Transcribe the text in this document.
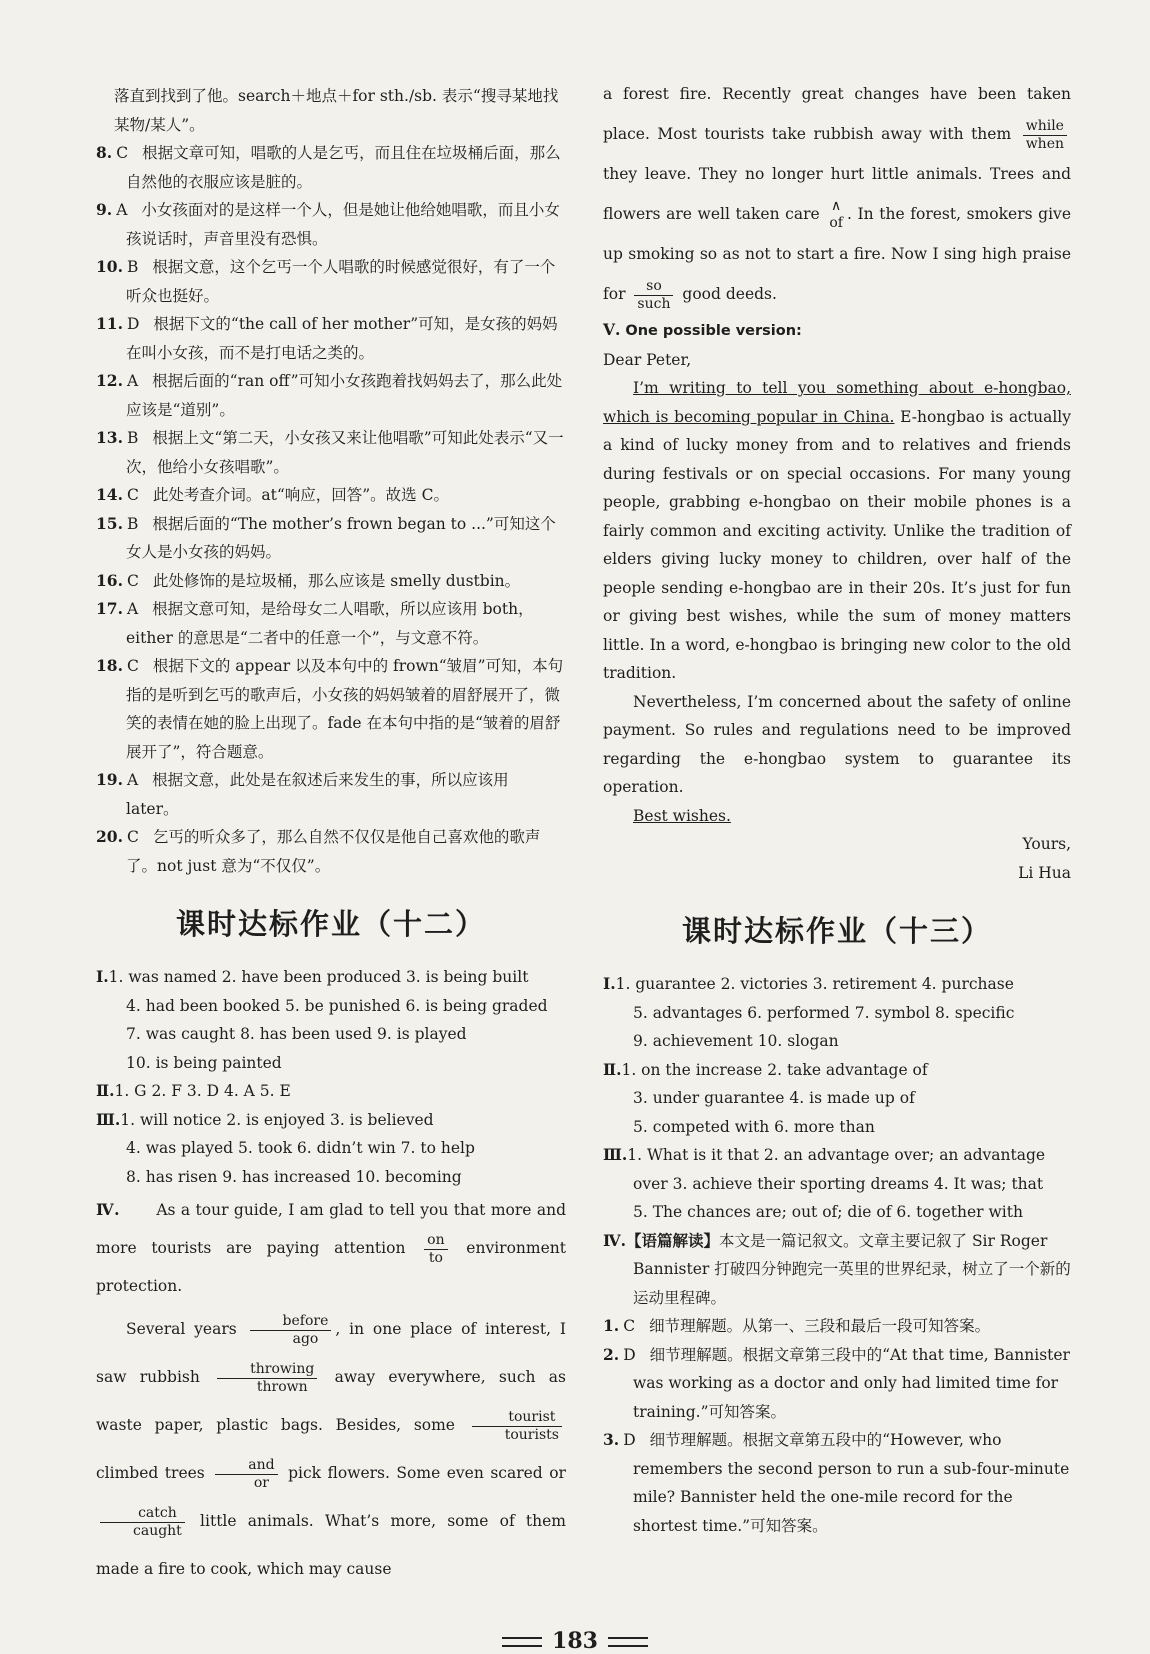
落直到找到了他。search＋地点＋for sth./sb. 表示“搜寻某地找某物/某人”。

8. C 根据文章可知，唱歌的人是乞丐，而且住在垃圾桶后面，那么自然他的衣服应该是脏的。

9. A 小女孩面对的是这样一个人，但是她让他给她唱歌，而且小女孩说话时，声音里没有恐惧。

10. B 根据文意，这个乞丐一个人唱歌的时候感觉很好，有了一个听众也挺好。

11. D 根据下文的“the call of her mother”可知，是女孩的妈妈在叫小女孩，而不是打电话之类的。

12. A 根据后面的“ran off”可知小女孩跑着找妈妈去了，那么此处应该是“道别”。

13. B 根据上文“第二天，小女孩又来让他唱歌”可知此处表示“又一次，他给小女孩唱歌”。

14. C 此处考查介词。at“响应，回答”。故选 C。

15. B 根据后面的“The mother’s frown began to ...”可知这个女人是小女孩的妈妈。

16. C 此处修饰的是垃圾桶，那么应该是 smelly dustbin。

17. A 根据文意可知，是给母女二人唱歌，所以应该用 both，either 的意思是“二者中的任意一个”，与文意不符。

18. C 根据下文的 appear 以及本句中的 frown“皱眉”可知，本句指的是听到乞丐的歌声后，小女孩的妈妈皱着的眉舒展开了，微笑的表情在她的脸上出现了。fade 在本句中指的是“皱着的眉舒展开了”，符合题意。

19. A 根据文意，此处是在叙述后来发生的事，所以应该用 later。

20. C 乞丐的听众多了，那么自然不仅仅是他自己喜欢他的歌声了。not just 意为“不仅仅”。

课时达标作业（十二）

Ⅰ.1. was named 2. have been produced 3. is being built

4. had been booked 5. be punished 6. is being graded

7. was caught 8. has been used 9. is played

10. is being painted

Ⅱ.1. G 2. F 3. D 4. A 5. E

Ⅲ.1. will notice 2. is enjoyed 3. is believed

4. was played 5. took 6. didn’t win 7. to help

8. has risen 9. has increased 10. becoming

Ⅳ. As a tour guide, I am glad to tell you that more and more tourists are paying attention $\frac{on}{to}$ environment protection.

Several years	before
ago
, in one place of interest, I saw rubbish	throwing
thrown
away everywhere, such as waste paper, plastic bags. Besides, some	tourist
tourists
climbed trees	and
or
pick flowers. Some even scared or
catch
caught
little animals. What’s more, some of them made a fire to cook, which may cause

a forest fire. Recently great changes have been taken place. Most tourists take rubbish away with them while
when
they leave. They no longer hurt little animals. Trees and flowers are well taken care ∧
of . In the forest, smokers give up smoking so as not to start a fire. Now I sing high praise for	so
such
good deeds.

Ⅴ. One possible version:

Dear Peter,

I’m writing to tell you something about e-hongbao, which is becoming popular in China. E-hongbao is actually a kind of lucky money from and to relatives and friends during festivals or on special occasions. For many young people, grabbing e-hongbao on their mobile phones is a fairly common and exciting activity. Unlike the tradition of elders giving lucky money to children, over half of the people sending e-hongbao are in their 20s. It’s just for fun or giving best wishes, while the sum of money matters little. In a word, e-hongbao is bringing new color to the old tradition.

Nevertheless, I’m concerned about the safety of online payment. So rules and regulations need to be improved regarding the e-hongbao system to guarantee its operation.

Best wishes.

Yours,

Li Hua

课时达标作业（十三）

Ⅰ.1. guarantee 2. victories 3. retirement 4. purchase

5. advantages 6. performed 7. symbol 8. specific

9. achievement 10. slogan

Ⅱ.1. on the increase 2. take advantage of

3. under guarantee 4. is made up of

5. competed with 6. more than

Ⅲ.1. What is it that 2. an advantage over; an advantage

over 3. achieve their sporting dreams 4. It was; that

5. The chances are; out of; die of 6. together with

Ⅳ.【语篇解读】本文是一篇记叙文。文章主要记叙了 Sir Roger Bannister 打破四分钟跑完一英里的世界纪录，树立了一个新的运动里程碑。

1. C 细节理解题。从第一、三段和最后一段可知答案。

2. D 细节理解题。根据文章第三段中的“At that time, Bannister was working as a doctor and only had limited time for training.”可知答案。

3. D 细节理解题。根据文章第五段中的“However, who remembers the second person to run a sub-four-minute mile? Bannister held the one-mile record for the shortest time.”可知答案。

183
